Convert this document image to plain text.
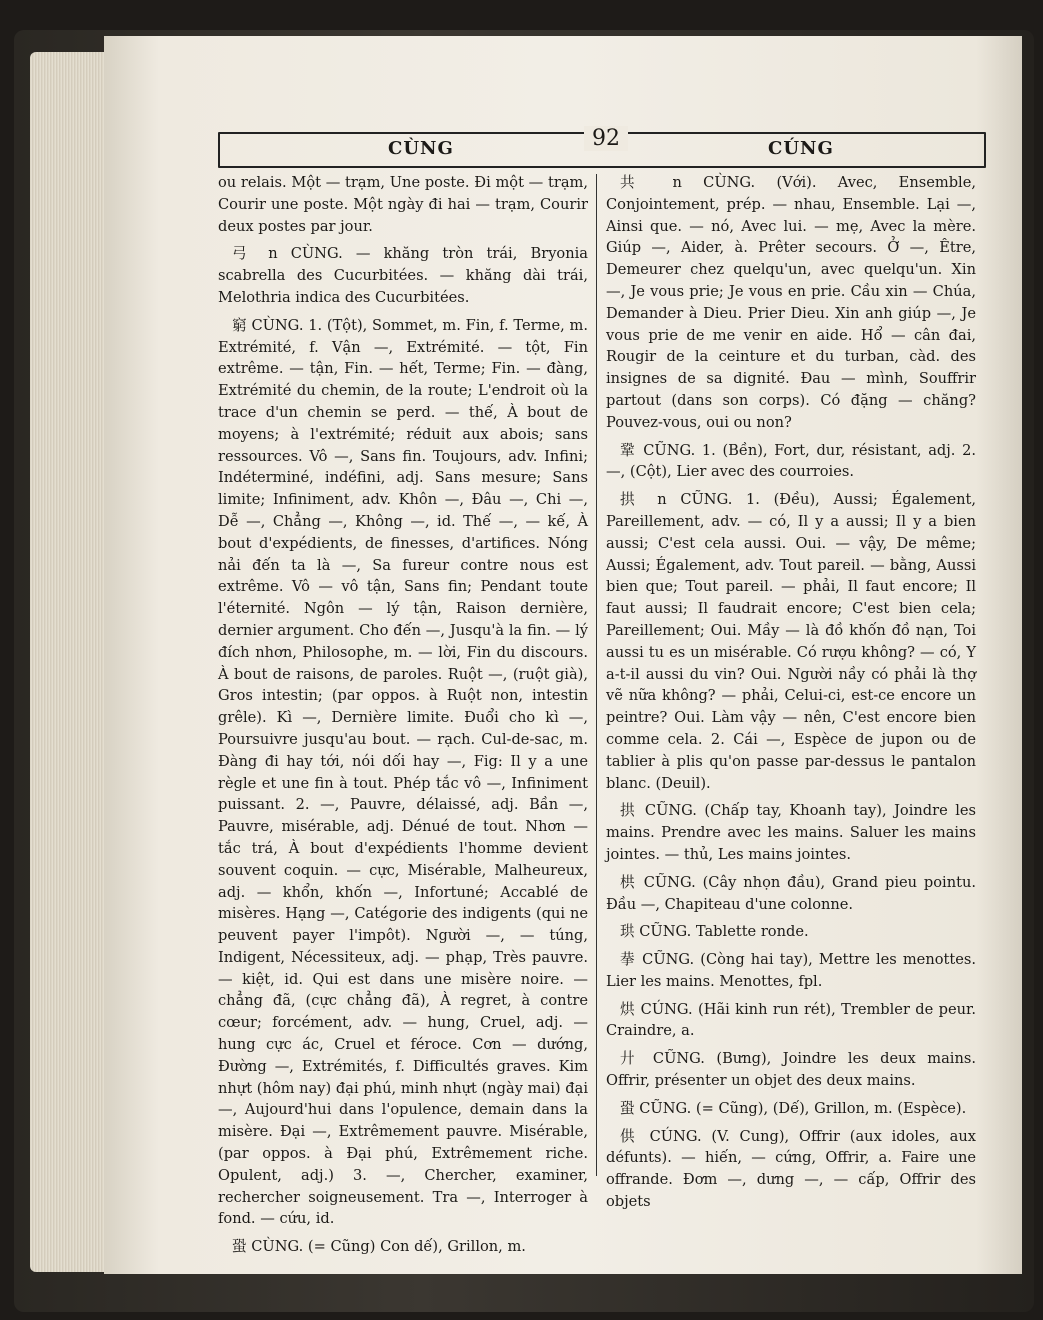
CÙNG	92	CÚNG

ou relais. Một — trạm, Une poste. Đi một — trạm, Courir une poste. Một ngày đi hai — trạm, Courir deux postes par jour.

弓 n CÙNG. — khăng tròn trái, Bryonia scabrella des Cucurbitées. — khăng dài trái, Melothria indica des Cucurbitées.

窮 CÙNG. 1. (Tột), Sommet, m. Fin, f. Terme, m. Extrémité, f. Vận —, Extrémité. — tột, Fin extrême. — tận, Fin. — hết, Terme; Fin. — đàng, Extrémité du chemin, de la route; L'endroit où la trace d'un chemin se perd. — thế, À bout de moyens; à l'extrémité; réduit aux abois; sans ressources. Vô —, Sans fin. Toujours, adv. Infini; Indéterminé, indéfini, adj. Sans mesure; Sans limite; Infiniment, adv. Khôn —, Đâu —, Chi —, Dễ —, Chẳng —, Không —, id. Thế —, — kế, À bout d'expédients, de finesses, d'artifices. Nóng nải đến ta là —, Sa fureur contre nous est extrême. Vô — vô tận, Sans fin; Pendant toute l'éternité. Ngôn — lý tận, Raison dernière, dernier argument. Cho đến —, Jusqu'à la fin. — lý đích nhơn, Philosophe, m. — lời, Fin du discours. À bout de raisons, de paroles. Ruột —, (ruột già), Gros intestin; (par oppos. à Ruột non, intestin grêle). Kì —, Dernière limite. Đuổi cho kì —, Poursuivre jusqu'au bout. — rạch. Cul-de-sac, m. Đàng đi hay tới, nói dối hay —, Fig: Il y a une règle et une fin à tout. Phép tắc vô —, Infiniment puissant. 2. —, Pauvre, délaissé, adj. Bần —, Pauvre, misérable, adj. Dénué de tout. Nhơn — tắc trá, À bout d'expédients l'homme devient souvent coquin. — cực, Misérable, Malheureux, adj. — khổn, khốn —, Infortuné; Accablé de misères. Hạng —, Catégorie des indigents (qui ne peuvent payer l'impôt). Người —, — túng, Indigent, Nécessiteux, adj. — phạp, Très pauvre. — kiệt, id. Qui est dans une misère noire. — chẳng đã, (cực chẳng đã), À regret, à contre cœur; forcément, adv. — hung, Cruel, adj. — hung cực ác, Cruel et féroce. Cơn — dướng, Đường —, Extrémités, f. Difficultés graves. Kim nhựt (hôm nay) đại phú, minh nhựt (ngày mai) đại —, Aujourd'hui dans l'opulence, demain dans la misère. Đại —, Extrêmement pauvre. Misérable, (par oppos. à Đại phú, Extrêmement riche. Opulent, adj.) 3. —, Chercher, examiner, rechercher soigneusement. Tra —, Interroger à fond. — cứu, id.

蛩 CÙNG. (= Cũng) Con dế), Grillon, m.

共 n CÙNG. (Với). Avec, Ensemble, Conjointement, prép. — nhau, Ensemble. Lại —, Ainsi que. — nó, Avec lui. — mẹ, Avec la mère. Giúp —, Aider, à. Prêter secours. Ở —, Être, Demeurer chez quelqu'un, avec quelqu'un. Xin —, Je vous prie; Je vous en prie. Cầu xin — Chúa, Demander à Dieu. Prier Dieu. Xin anh giúp —, Je vous prie de me venir en aide. Hổ — cân đai, Rougir de la ceinture et du turban, càd. des insignes de sa dignité. Đau — mình, Souffrir partout (dans son corps). Có đặng — chăng? Pouvez-vous, oui ou non?

鞏 CŨNG. 1. (Bền), Fort, dur, résistant, adj. 2. —, (Cột), Lier avec des courroies.

拱 n CŨNG. 1. (Đều), Aussi; Également, Pareillement, adv. — có, Il y a aussi; Il y a bien aussi; C'est cela aussi. Oui. — vậy, De même; Aussi; Également, adv. Tout pareil. — bằng, Aussi bien que; Tout pareil. — phải, Il faut encore; Il faut aussi; Il faudrait encore; C'est bien cela; Pareillement; Oui. Mầy — là đồ khốn đồ nạn, Toi aussi tu es un misérable. Có rượu không? — có, Y a-t-il aussi du vin? Oui. Người nầy có phải là thợ vẽ nữa không? — phải, Celui-ci, est-ce encore un peintre? Oui. Làm vậy — nên, C'est encore bien comme cela. 2. Cái —, Espèce de jupon ou de tablier à plis qu'on passe par-dessus le pantalon blanc. (Deuil).

拱 CŨNG. (Chấp tay, Khoanh tay), Joindre les mains. Prendre avec les mains. Saluer les mains jointes. — thủ, Les mains jointes.

栱 CŨNG. (Cây nhọn đầu), Grand pieu pointu. Đầu —, Chapiteau d'une colonne.

珙 CŨNG. Tablette ronde.

拲 CŨNG. (Còng hai tay), Mettre les menottes. Lier les mains. Menottes, fpl.

烘 CÚNG. (Hãi kinh run rét), Trembler de peur. Craindre, a.

廾 CŨNG. (Bưng), Joindre les deux mains. Offrir, présenter un objet des deux mains.

蛩 CŨNG. (= Cũng), (Dế), Grillon, m. (Espèce).

供 CÚNG. (V. Cung), Offrir (aux idoles, aux défunts). — hiến, — cứng, Offrir, a. Faire une offrande. Đơm —, dưng —, — cấp, Offrir des objets
